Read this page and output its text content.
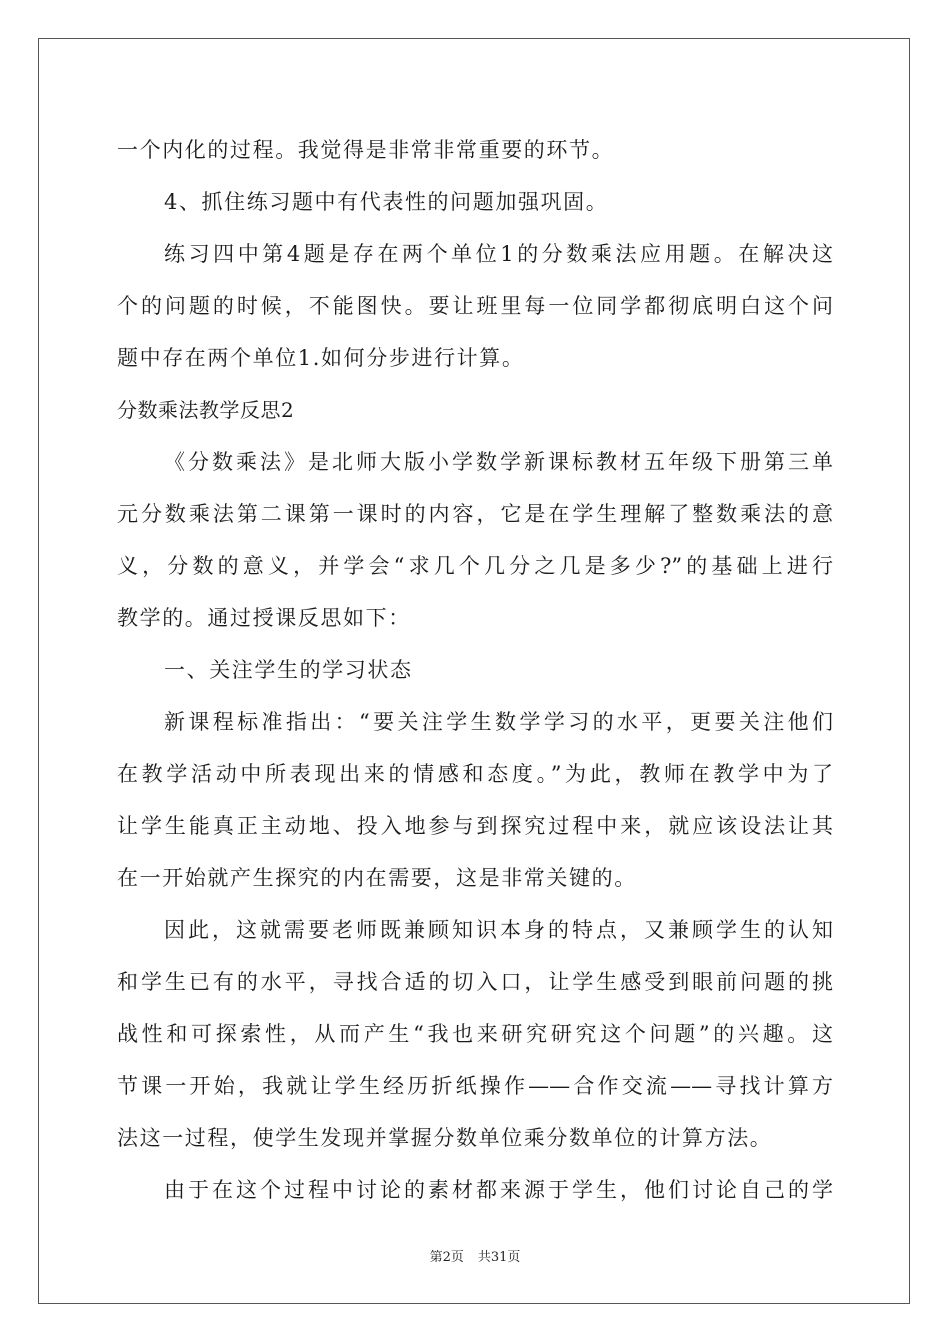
一个内化的过程。我觉得是非常非常重要的环节。
4、抓住练习题中有代表性的问题加强巩固。
练习四中第4题是存在两个单位1的分数乘法应用题。在解决这
个的问题的时候，不能图快。要让班里每一位同学都彻底明白这个问
题中存在两个单位1.如何分步进行计算。
分数乘法教学反思2
《分数乘法》是北师大版小学数学新课标教材五年级下册第三单
元分数乘法第二课第一课时的内容，它是在学生理解了整数乘法的意
义，分数的意义，并学会“求几个几分之几是多少?”的基础上进行
教学的。通过授课反思如下：
一、关注学生的学习状态
新课程标准指出：“要关注学生数学学习的水平，更要关注他们
在教学活动中所表现出来的情感和态度。”为此，教师在教学中为了
让学生能真正主动地、投入地参与到探究过程中来，就应该设法让其
在一开始就产生探究的内在需要，这是非常关键的。
因此，这就需要老师既兼顾知识本身的特点，又兼顾学生的认知
和学生已有的水平，寻找合适的切入口，让学生感受到眼前问题的挑
战性和可探索性，从而产生“我也来研究研究这个问题”的兴趣。这
节课一开始，我就让学生经历折纸操作——合作交流——寻找计算方
法这一过程，使学生发现并掌握分数单位乘分数单位的计算方法。
由于在这个过程中讨论的素材都来源于学生，他们讨论自己的学
第2页 共31页
